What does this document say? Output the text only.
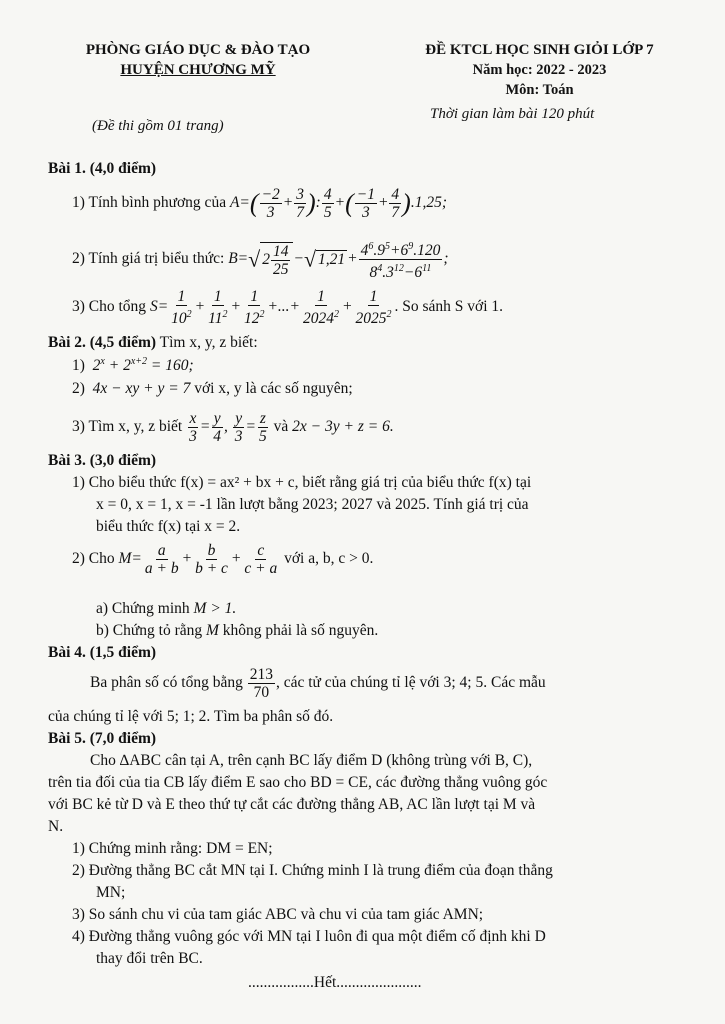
PHÒNG GIÁO DỤC & ĐÀO TẠO
HUYỆN CHƯƠNG MỸ
ĐỀ KTCL HỌC SINH GIỎI LỚP 7
Năm học: 2022 - 2023
Môn: Toán
Thời gian làm bài 120 phút
(Đề thi gồm 01 trang)
Bài 1. (4,0 điểm)
1) Tính bình phương của $A=( \frac{-2}{3} + \frac{3}{7}$ ): $\frac{4}{5}$ +( $\frac{-1}{3} + \frac{4}{7} ).1,25$;
2) Tính giá trị biểu thức: B=√ $2 \frac{14}{25}$ −√ $1,21 + \frac{4^6.9^5+6^9.120}{8^4.3^{12}-6^{11}}$ ;
3) Cho tổng $S= \frac{1}{10^2} + \frac{1}{11^2} + \frac{1}{12^2}$ +...+ $\frac{1}{2024^2} + \frac{1}{2025^2}$ . So sánh S với 1.
Bài 2. (4,5 điểm) Tìm x, y, z biết:
1)  $2^x + 2^{x+2} = 160$;
2)  4x − xy + y = 7 với x, y là các số nguyên;
3) Tìm x, y, z biết $\frac{x}{3} = \frac{y}{4}$ , $\frac{y}{3} = \frac{z}{5}$ và 2x − 3y + z = 6.
Bài 3. (3,0 điểm)
1) Cho biểu thức f(x) = ax² + bx + c, biết rằng giá trị của biểu thức f(x) tại
x = 0, x = 1, x = -1 lần lượt bằng 2023; 2027 và 2025. Tính giá trị của
biểu thức f(x) tại x = 2.
2) Cho $M= \frac{a}{a + b} + \frac{b}{b + c} + \frac{c}{c + a}$ với a, b, c > 0.
a) Chứng minh M > 1.
b) Chứng tỏ rằng M không phải là số nguyên.
Bài 4. (1,5 điểm)
Ba phân số có tổng bằng $\frac{213}{70}$ , các tử của chúng tỉ lệ với 3; 4; 5. Các mẫu
của chúng tỉ lệ với 5; 1; 2. Tìm ba phân số đó.
Bài 5. (7,0 điểm)
Cho ∆ABC cân tại A, trên cạnh BC lấy điểm D (không trùng với B, C),
trên tia đối của tia CB lấy điểm E sao cho BD = CE, các đường thẳng vuông góc
với BC kẻ từ D và E theo thứ tự cắt các đường thẳng AB, AC lần lượt tại M và
N.
1) Chứng minh rằng: DM = EN;
2) Đường thẳng BC cắt MN tại I. Chứng minh I là trung điểm của đoạn thẳng
MN;
3) So sánh chu vi của tam giác ABC và chu vi của tam giác AMN;
4) Đường thẳng vuông góc với MN tại I luôn đi qua một điểm cố định khi D
thay đổi trên BC.
.................Hết......................
